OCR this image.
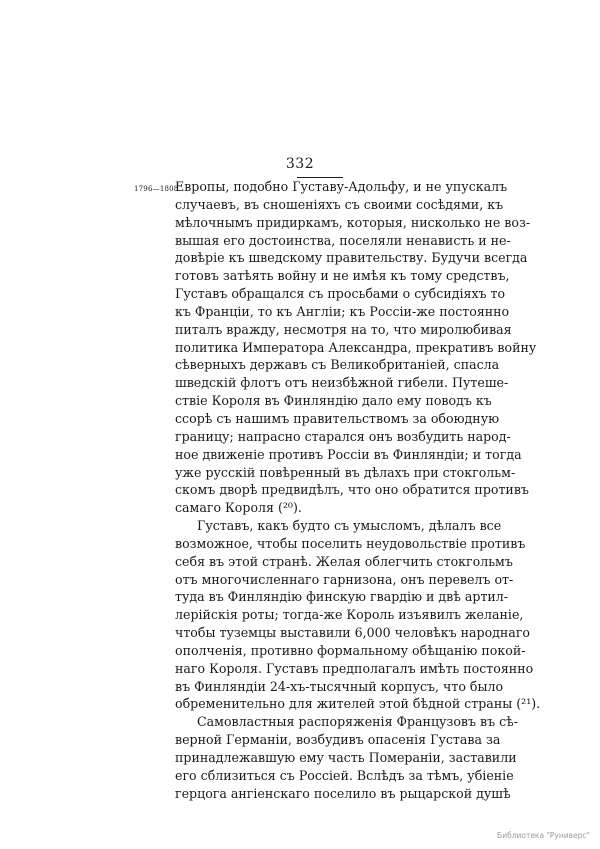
332
1796—1808.
Европы, подобно Густаву-Адольфу, и не упускалъ
случаевъ, въ сношеніяхъ съ своими сосѣдями, къ
мѣлочнымъ придиркамъ, которыя, нисколько не воз-
вышая его достоинства, поселяли ненависть и не-
довѣріе къ шведскому правительству. Будучи всегда
готовъ затѣять войну и не имѣя къ тому средствъ,
Густавъ обращался съ просьбами о субсидіяхъ то
къ Франціи, то къ Англіи; къ Россіи-же постоянно
питалъ вражду, несмотря на то, что миролюбивая
политика Императора Александра, прекративъ войну
сѣверныхъ державъ съ Великобританіей, спасла
шведскій флотъ отъ неизбѣжной гибели. Путеше-
ствіе Короля въ Финляндію дало ему поводъ къ
ссорѣ съ нашимъ правительствомъ за обоюдную
границу; напрасно старался онъ возбудить народ-
ное движеніе противъ Россіи въ Финляндіи; и тогда
уже русскій повѣренный въ дѣлахъ при стокгольм-
скомъ дворѣ предвидѣлъ, что оно обратится противъ
самаго Короля (²⁰).
Густавъ, какъ будто съ умысломъ, дѣлалъ все
возможное, чтобы поселить неудовольствіе противъ
себя въ этой странѣ. Желая облегчить стокгольмъ
отъ многочисленнаго гарнизона, онъ перевелъ от-
тудa въ Финляндію финскую гвардію и двѣ артил-
лерійскія роты; тогда-же Король изъявилъ желаніе,
чтобы туземцы выставили 6,000 человѣкъ народнаго
ополченія, противно формальному обѣщанію покой-
наго Короля. Густавъ предполагалъ имѣть постоянно
въ Финляндіи 24-хъ-тысячный корпусъ, что было
обременительно для жителей этой бѣдной страны (²¹).
Самовластныя распоряженія Французовъ въ сѣ-
верной Германіи, возбудивъ опасенія Густава за
принадлежавшую ему часть Помераніи, заставили
его сблизиться съ Россіей. Вслѣдъ за тѣмъ, убіеніе
герцога ангіенскаго поселило въ рыцарской душѣ
Библиотека "Руниверс"
